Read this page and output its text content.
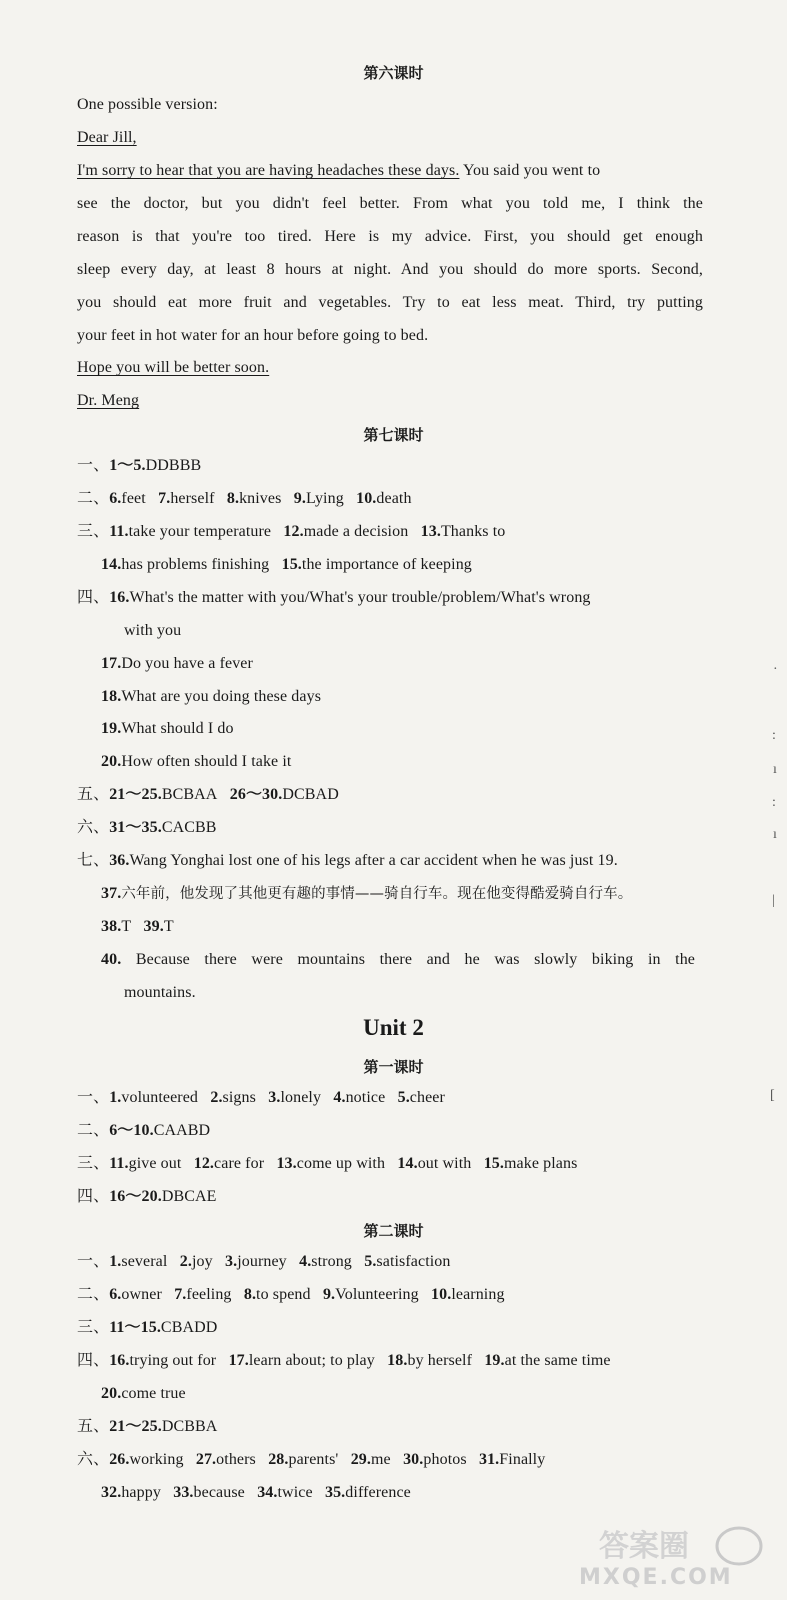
第六课时
One possible version:
Dear Jill,
I'm sorry to hear that you are having headaches these days. You said you went to
see the doctor, but you didn't feel better. From what you told me, I think the
reason is that you're too tired. Here is my advice. First, you should get enough
sleep every day, at least 8 hours at night. And you should do more sports. Second,
you should eat more fruit and vegetables. Try to eat less meat. Third, try putting
your feet in hot water for an hour before going to bed.
Hope you will be better soon.
Dr. Meng
第七课时
一、1～5.DDBBB
二、6.feet 7.herself 8.knives 9.Lying 10.death
三、11.take your temperature 12.made a decision 13.Thanks to
14.has problems finishing 15.the importance of keeping
四、16.What's the matter with you/What's your trouble/problem/What's wrong
with you
17.Do you have a fever
18.What are you doing these days
19.What should I do
20.How often should I take it
五、21～25.BCBAA 26～30.DCBAD
六、31～35.CACBB
七、36.Wang Yonghai lost one of his legs after a car accident when he was just 19.
37.六年前，他发现了其他更有趣的事情——骑自行车。现在他变得酷爱骑自行车。
38.T 39.T
40. Because there were mountains there and he was slowly biking in the
mountains.
Unit 2
第一课时
一、1.volunteered 2.signs 3.lonely 4.notice 5.cheer
二、6～10.CAABD
三、11.give out 12.care for 13.come up with 14.out with 15.make plans
四、16～20.DBCAE
第二课时
一、1.several 2.joy 3.journey 4.strong 5.satisfaction
二、6.owner 7.feeling 8.to spend 9.Volunteering 10.learning
三、11～15.CBADD
四、16.trying out for 17.learn about; to play 18.by herself 19.at the same time
20.come true
五、21～25.DCBBA
六、26.working 27.others 28.parents' 29.me 30.photos 31.Finally
32.happy 33.because 34.twice 35.difference
·
:
ı
:
ı
|
[
答案圈
MXQE.COM
